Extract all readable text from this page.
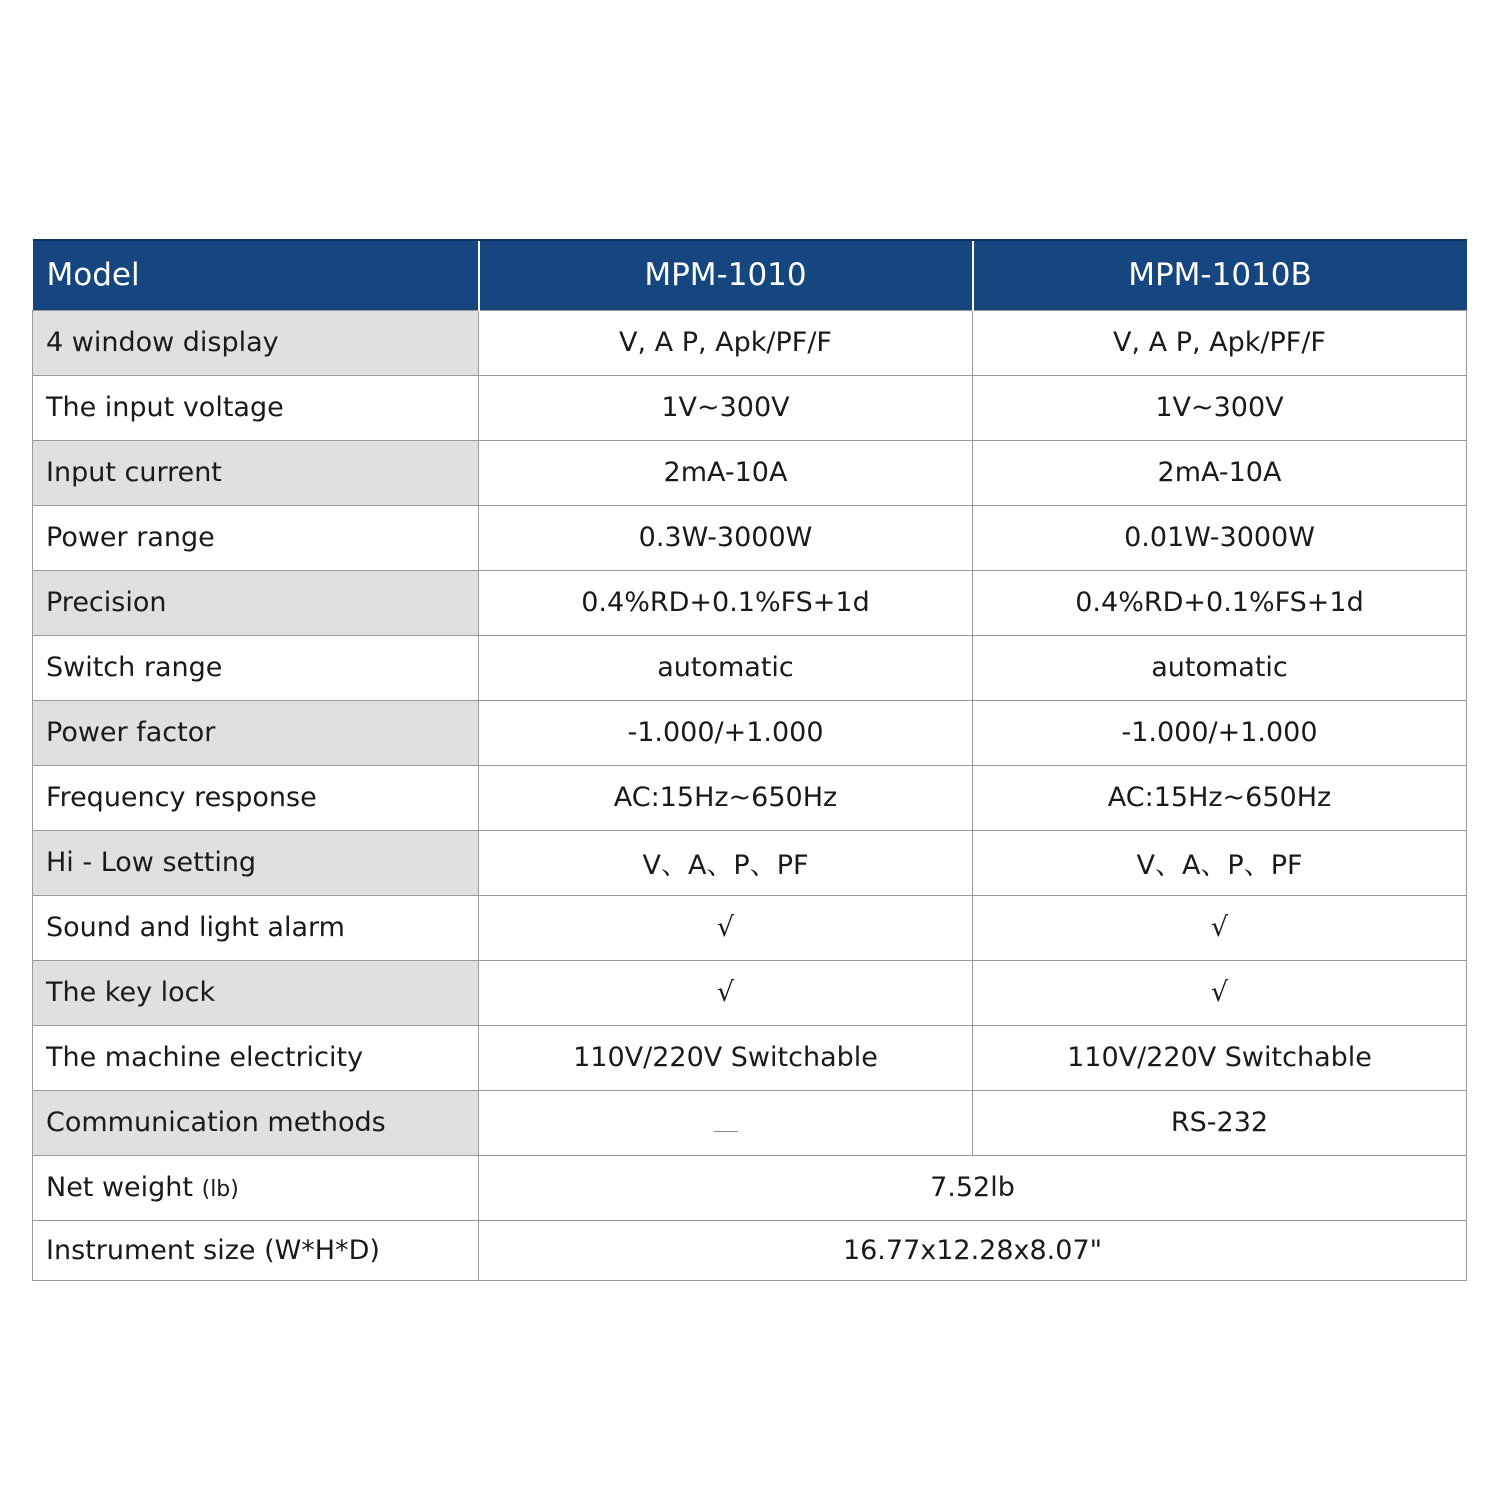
Model	MPM-1010	MPM-1010B
4 window display	V, A P, Apk/PF/F	V, A P, Apk/PF/F
The input voltage	1V~300V	1V~300V
Input current	2mA-10A	2mA-10A
Power range	0.3W-3000W	0.01W-3000W
Precision	0.4%RD+0.1%FS+1d	0.4%RD+0.1%FS+1d
Switch range	automatic	automatic
Power factor	-1.000/+1.000	-1.000/+1.000
Frequency response	AC:15Hz~650Hz	AC:15Hz~650Hz
Hi - Low setting	V、A、P、PF	V、A、P、PF
Sound and light alarm	√	√
The key lock	√	√
The machine electricity	110V/220V Switchable	110V/220V Switchable
Communication methods		RS-232
Net weight (lb)	7.52lb	
Instrument size (W*H*D)	16.77x12.28x8.07"	
